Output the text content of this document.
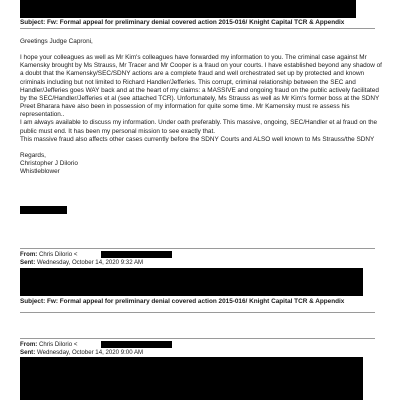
Subject: Fw: Formal appeal for preliminary denial covered action 2015-016/ Knight Capital TCR & Appendix

Greetings Judge Caproni,

I hope your colleagues as well as Mr Kim's colleagues have forwarded my information to you. The criminal case against Mr Kamensky brought by Ms Strauss, Mr Tracer and Mr Cooper is a fraud on your courts. I have established beyond any shadow of a doubt that the Kamensky/SEC/SDNY actions are a complete fraud and well orchestrated set up by protected and known criminals including but not limited to Richard Handler/Jefferies. This corrupt, criminal relationship between the SEC and Handler/Jefferies goes WAY back and at the heart of my claims: a MASSIVE and ongoing fraud on the public actively facilitated by the SEC/Handler/Jefferies et al (see attached TCR). Unfortunately, Ms Strauss as well as Mr Kim's former boss at the SDNY Preet Bharara have also been in possession of my information for quite some time. Mr Kamensky must re assess his representation..

I am always available to discuss my information. Under oath preferably. This massive, ongoing, SEC/Handler et al fraud on the public must end. It has been my personal mission to see exactly that.

This massive fraud also affects other cases currently before the SDNY Courts and ALSO well known to Ms Strauss/the SDNY

Regards,

Christopher J Dilorio

Whistleblower

From: Chris Dilorio <
Sent: Wednesday, October 14, 2020 9:32 AM
Subject: Fw: Formal appeal for preliminary denial covered action 2015-016/ Knight Capital TCR & Appendix
From: Chris Dilorio <
Sent: Wednesday, October 14, 2020 9:00 AM
